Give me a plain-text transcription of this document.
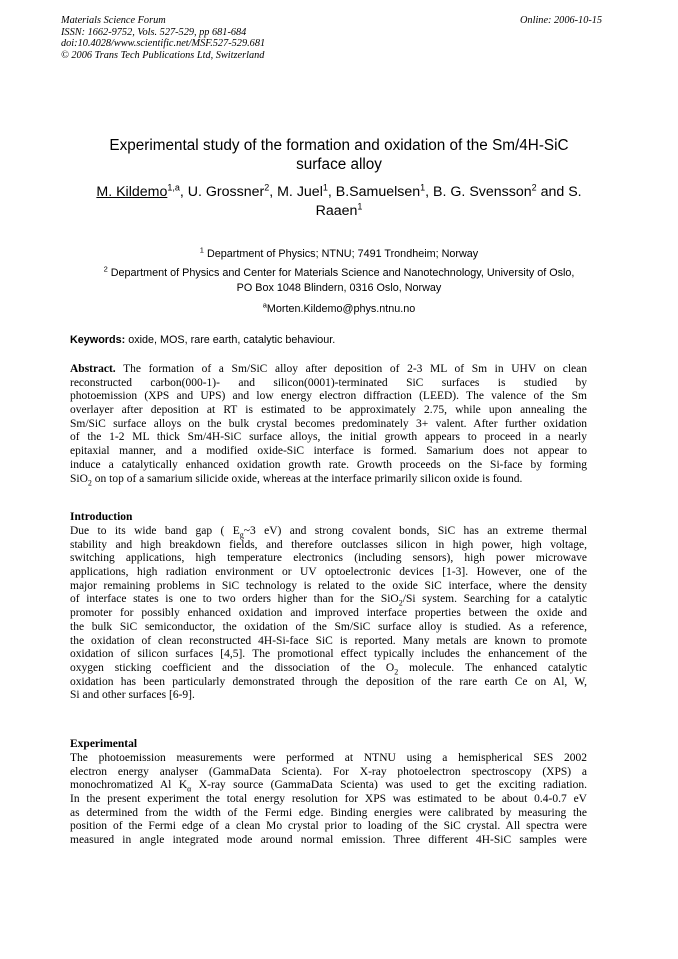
Materials Science Forum
ISSN: 1662-9752, Vols. 527-529, pp 681-684
doi:10.4028/www.scientific.net/MSF.527-529.681
© 2006 Trans Tech Publications Ltd, Switzerland
Online: 2006-10-15
Experimental study of the formation and oxidation of the Sm/4H-SiC
surface alloy
M. Kildemo$^{1,a}$, U. Grossner$^2$, M. Juel$^1$, B.Samuelsen$^1$, B. G. Svensson$^2$ and S.
Raaen$^1$
$^1$ Department of Physics; NTNU; 7491 Trondheim; Norway
$^2$ Department of Physics and Center for Materials Science and Nanotechnology, University of Oslo,
PO Box 1048 Blindern, 0316 Oslo, Norway
$^a$Morten.Kildemo@phys.ntnu.no
Keywords: oxide, MOS, rare earth, catalytic behaviour.
Abstract. The formation of a Sm/SiC alloy after deposition of 2-3 ML of Sm in UHV on clean
reconstructed carbon(000-1)- and silicon(0001)-terminated SiC surfaces is studied by
photoemission (XPS and UPS) and low energy electron diffraction (LEED). The valence of the Sm
overlayer after deposition at RT is estimated to be approximately 2.75, while upon annealing the
Sm/SiC surface alloys on the bulk crystal becomes predominately 3+ valent. After further oxidation
of the 1-2 ML thick Sm/4H-SiC surface alloys, the initial growth appears to proceed in a nearly
epitaxial manner, and a modified oxide-SiC interface is formed. Samarium does not appear to
induce a catalytically enhanced oxidation growth rate. Growth proceeds on the Si-face by forming
SiO$_2$ on top of a samarium silicide oxide, whereas at the interface primarily silicon oxide is found.
Introduction
Due to its wide band gap ( $E_g\sim 3$ eV) and strong covalent bonds, SiC has an extreme thermal
stability and high breakdown fields, and therefore outclasses silicon in high power, high voltage,
switching applications, high temperature electronics (including sensors), high power microwave
applications, high radiation environment or UV optoelectronic devices [1-3]. However, one of the
major remaining problems in SiC technology is related to the oxide SiC interface, where the density
of interface states is one to two orders higher than for the SiO$_2$/Si system. Searching for a catalytic
promoter for possibly enhanced oxidation and improved interface properties between the oxide and
the bulk SiC semiconductor, the oxidation of the Sm/SiC surface alloy is studied. As a reference,
the oxidation of clean reconstructed 4H-Si-face SiC is reported. Many metals are known to promote
oxidation of silicon surfaces [4,5]. The promotional effect typically includes the enhancement of the
oxygen sticking coefficient and the dissociation of the $O_2$ molecule. The enhanced catalytic
oxidation has been particularly demonstrated through the deposition of the rare earth Ce on Al, W,
Si and other surfaces [6-9].
Experimental
The photoemission measurements were performed at NTNU using a hemispherical SES 2002
electron energy analyser (GammaData Scienta). For X-ray photoelectron spectroscopy (XPS) a
monochromatized Al $K_\alpha$ X-ray source (GammaData Scienta) was used to get the exciting radiation.
In the present experiment the total energy resolution for XPS was estimated to be about 0.4-0.7 eV
as determined from the width of the Fermi edge. Binding energies were calibrated by measuring the
position of the Fermi edge of a clean Mo crystal prior to loading of the SiC crystal. All spectra were
measured in angle integrated mode around normal emission. Three different 4H-SiC samples were
